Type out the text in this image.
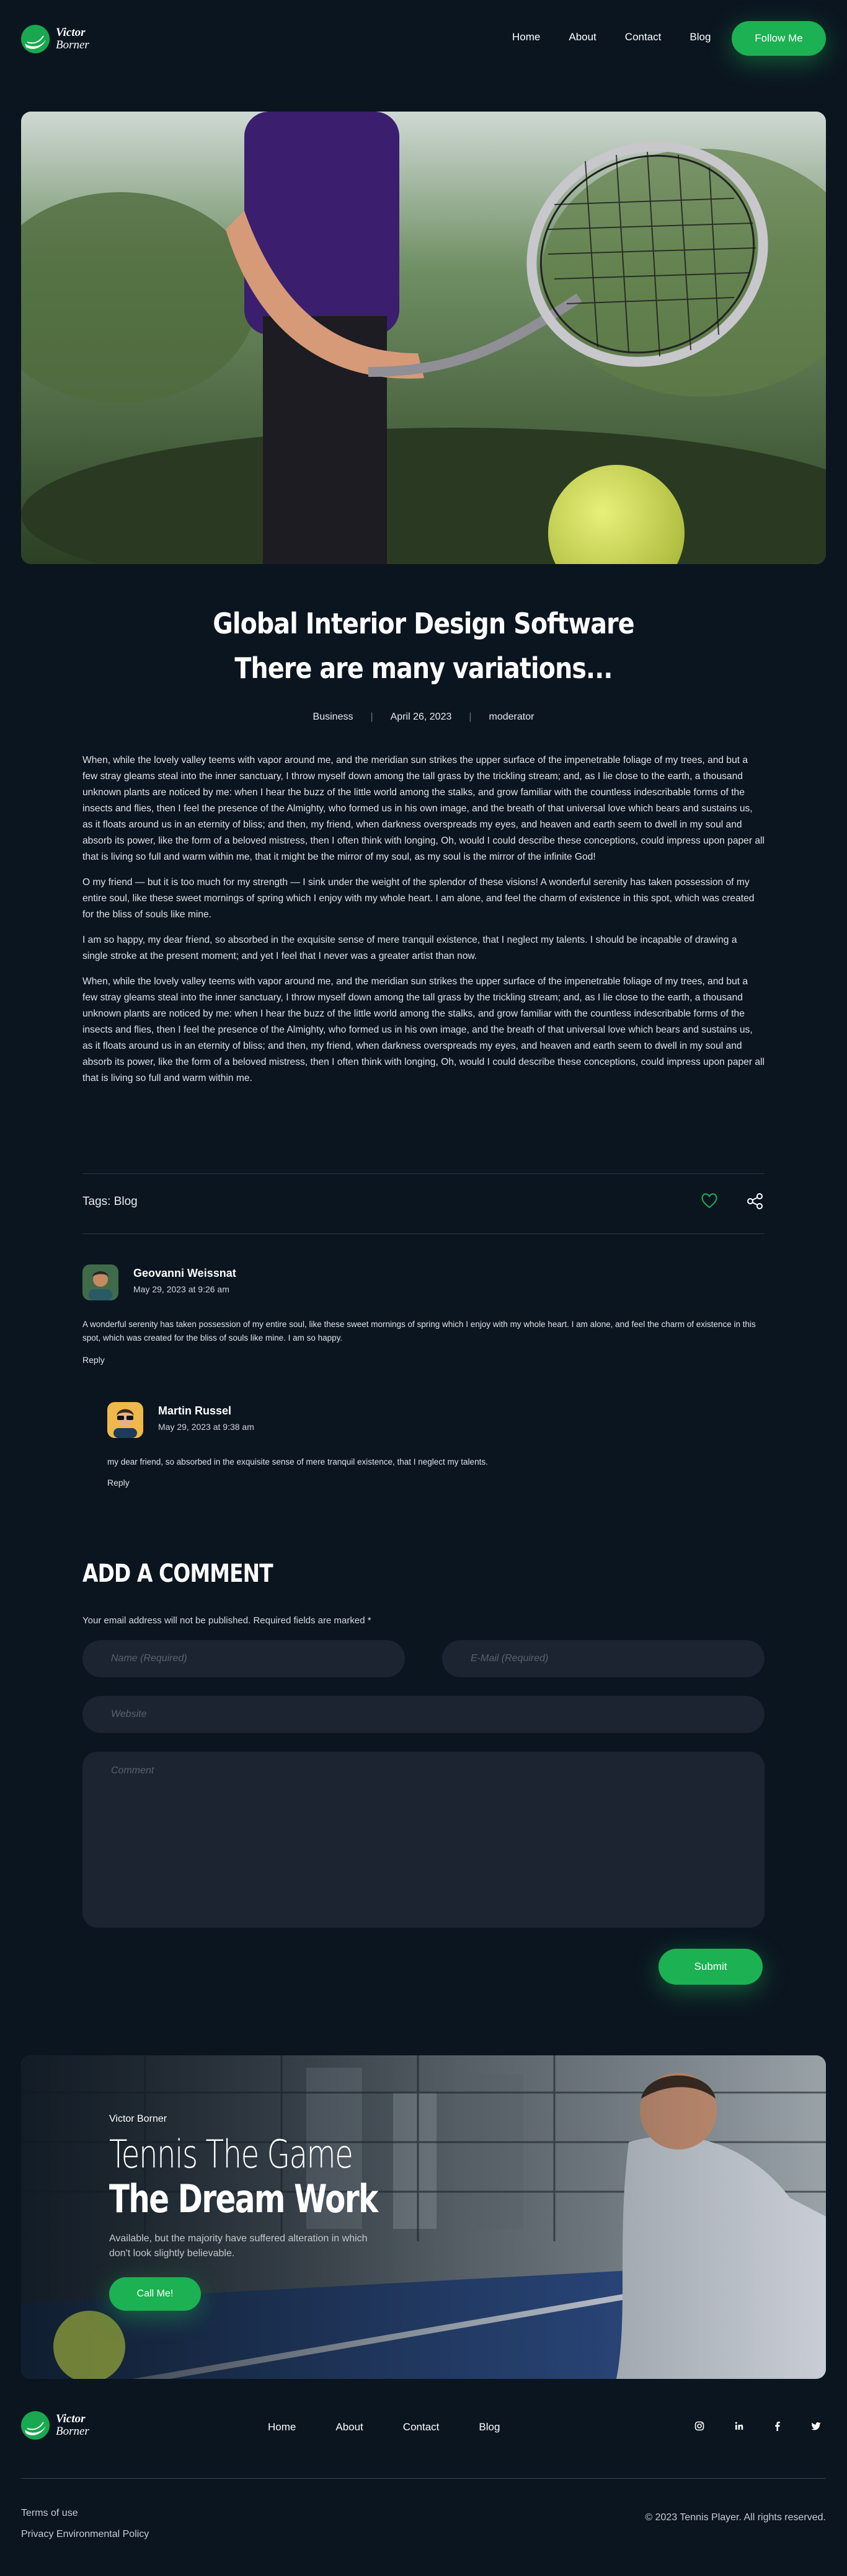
Victor
Borner
Home	About	Contact	Blog	Follow Me
Global Interior Design Software
There are many variations...
Business | April 26, 2023 | moderator

When, while the lovely valley teems with vapor around me, and the meridian sun strikes the upper surface of the impenetrable foliage of my trees, and but a few stray gleams steal into the inner sanctuary, I throw myself down among the tall grass by the trickling stream; and, as I lie close to the earth, a thousand unknown plants are noticed by me: when I hear the buzz of the little world among the stalks, and grow familiar with the countless indescribable forms of the insects and flies, then I feel the presence of the Almighty, who formed us in his own image, and the breath of that universal love which bears and sustains us, as it floats around us in an eternity of bliss; and then, my friend, when darkness overspreads my eyes, and heaven and earth seem to dwell in my soul and absorb its power, like the form of a beloved mistress, then I often think with longing, Oh, would I could describe these conceptions, could impress upon paper all that is living so full and warm within me, that it might be the mirror of my soul, as my soul is the mirror of the infinite God!

O my friend — but it is too much for my strength — I sink under the weight of the splendor of these visions! A wonderful serenity has taken possession of my entire soul, like these sweet mornings of spring which I enjoy with my whole heart. I am alone, and feel the charm of existence in this spot, which was created for the bliss of souls like mine.

I am so happy, my dear friend, so absorbed in the exquisite sense of mere tranquil existence, that I neglect my talents. I should be incapable of drawing a single stroke at the present moment; and yet I feel that I never was a greater artist than now.

When, while the lovely valley teems with vapor around me, and the meridian sun strikes the upper surface of the impenetrable foliage of my trees, and but a few stray gleams steal into the inner sanctuary, I throw myself down among the tall grass by the trickling stream; and, as I lie close to the earth, a thousand unknown plants are noticed by me: when I hear the buzz of the little world among the stalks, and grow familiar with the countless indescribable forms of the insects and flies, then I feel the presence of the Almighty, who formed us in his own image, and the breath of that universal love which bears and sustains us, as it floats around us in an eternity of bliss; and then, my friend, when darkness overspreads my eyes, and heaven and earth seem to dwell in my soul and absorb its power, like the form of a beloved mistress, then I often think with longing, Oh, would I could describe these conceptions, could impress upon paper all that is living so full and warm within me.

Tags: Blog
Geovanni Weissnat
May 29, 2023 at 9:26 am
A wonderful serenity has taken possession of my entire soul, like these sweet mornings of spring which I enjoy with my whole heart. I am alone, and feel the charm of existence in this spot, which was created for the bliss of souls like mine. I am so happy.
Reply
Martin Russel
May 29, 2023 at 9:38 am
my dear friend, so absorbed in the exquisite sense of mere tranquil existence, that I neglect my talents.
Reply
ADD A COMMENT
Your email address will not be published. Required fields are marked *
Name (Required)	E-Mail (Required)
Website
Comment
Submit
Victor Borner
Tennis The Game
The Dream Work
Available, but the majority have suffered alteration in which don't look slightly believable.
Call Me!
Victor
Borner	Home	About	Contact	Blog
Terms of use
Privacy Environmental Policy
© 2023 Tennis Player. All rights reserved.
